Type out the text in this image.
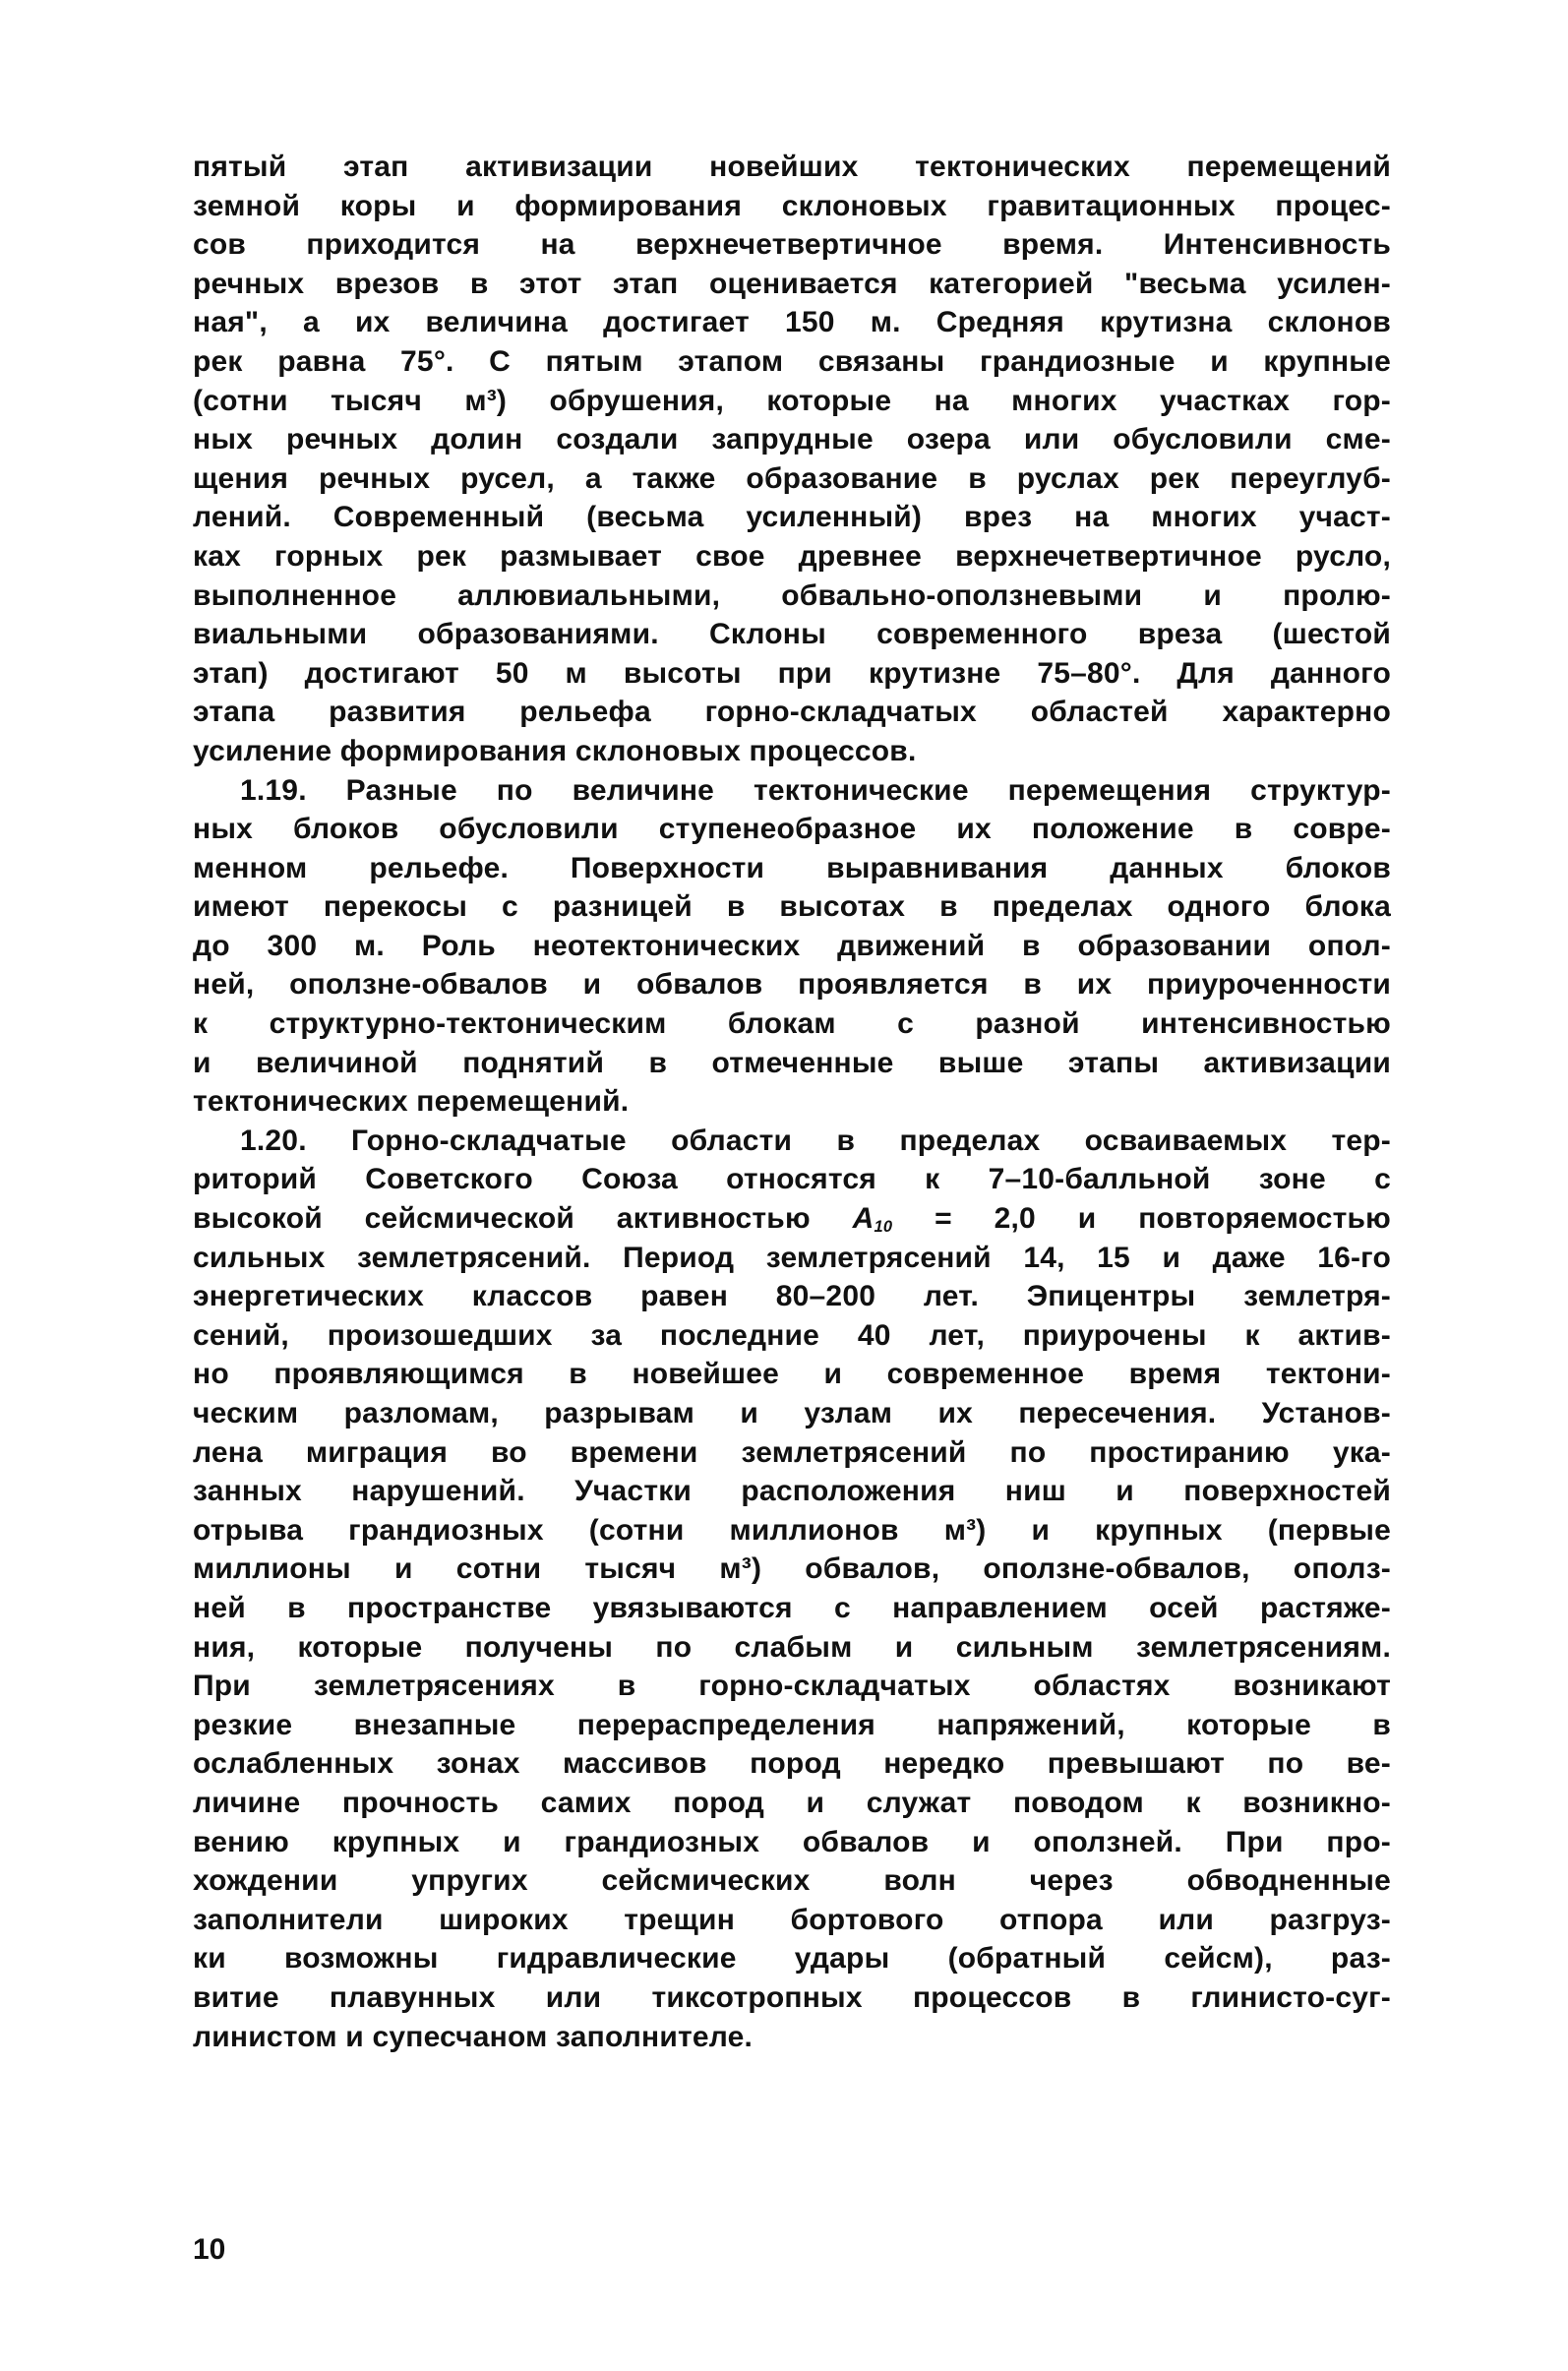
пятый этап активизации новейших тектонических перемещений
земной коры и формирования склоновых гравитационных процес-
сов приходится на верхнечетвертичное время. Интенсивность
речных врезов в этот этап оценивается категорией "весьма усилен-
ная", а их величина достигает 150 м. Средняя крутизна склонов
рек равна 75°. С пятым этапом связаны грандиозные и крупные
(сотни тысяч м³) обрушения, которые на многих участках гор-
ных речных долин создали запрудные озера или обусловили сме-
щения речных русел, а также образование в руслах рек переуглуб-
лений. Современный (весьма усиленный) врез на многих участ-
ках горных рек размывает свое древнее верхнечетвертичное русло,
выполненное аллювиальными, обвально-оползневыми и пролю-
виальными образованиями. Склоны современного вреза (шестой
этап) достигают 50 м высоты при крутизне 75–80°. Для данного
этапа развития рельефа горно-складчатых областей характерно
усиление формирования склоновых процессов.
1.19. Разные по величине тектонические перемещения структур-
ных блоков обусловили ступенеобразное их положение в совре-
менном рельефе. Поверхности выравнивания данных блоков
имеют перекосы с разницей в высотах в пределах одного блока
до 300 м. Роль неотектонических движений в образовании опол-
ней, оползне-обвалов и обвалов проявляется в их приуроченности
к структурно-тектоническим блокам с разной интенсивностью
и величиной поднятий в отмеченные выше этапы активизации
тектонических перемещений.
1.20. Горно-складчатые области в пределах осваиваемых тер-
риторий Советского Союза относятся к 7–10-балльной зоне с
высокой сейсмической активностью $A_{10} = 2,0$ и повторяемостью
сильных землетрясений. Период землетрясений 14, 15 и даже 16-го
энергетических классов равен 80–200 лет. Эпицентры землетря-
сений, произошедших за последние 40 лет, приурочены к актив-
но проявляющимся в новейшее и современное время тектони-
ческим разломам, разрывам и узлам их пересечения. Установ-
лена миграция во времени землетрясений по простиранию ука-
занных нарушений. Участки расположения ниш и поверхностей
отрыва грандиозных (сотни миллионов м³) и крупных (первые
миллионы и сотни тысяч м³) обвалов, оползне-обвалов, ополз-
ней в пространстве увязываются с направлением осей растяже-
ния, которые получены по слабым и сильным землетрясениям.
При землетрясениях в горно-складчатых областях возникают
резкие внезапные перераспределения напряжений, которые в
ослабленных зонах массивов пород нередко превышают по ве-
личине прочность самих пород и служат поводом к возникно-
вению крупных и грандиозных обвалов и оползней. При про-
хождении упругих сейсмических волн через обводненные
заполнители широких трещин бортового отпора или разгруз-
ки возможны гидравлические удары (обратный сейсм), раз-
витие плавунных или тиксотропных процессов в глинисто-суг-
линистом и супесчаном заполнителе.
10
